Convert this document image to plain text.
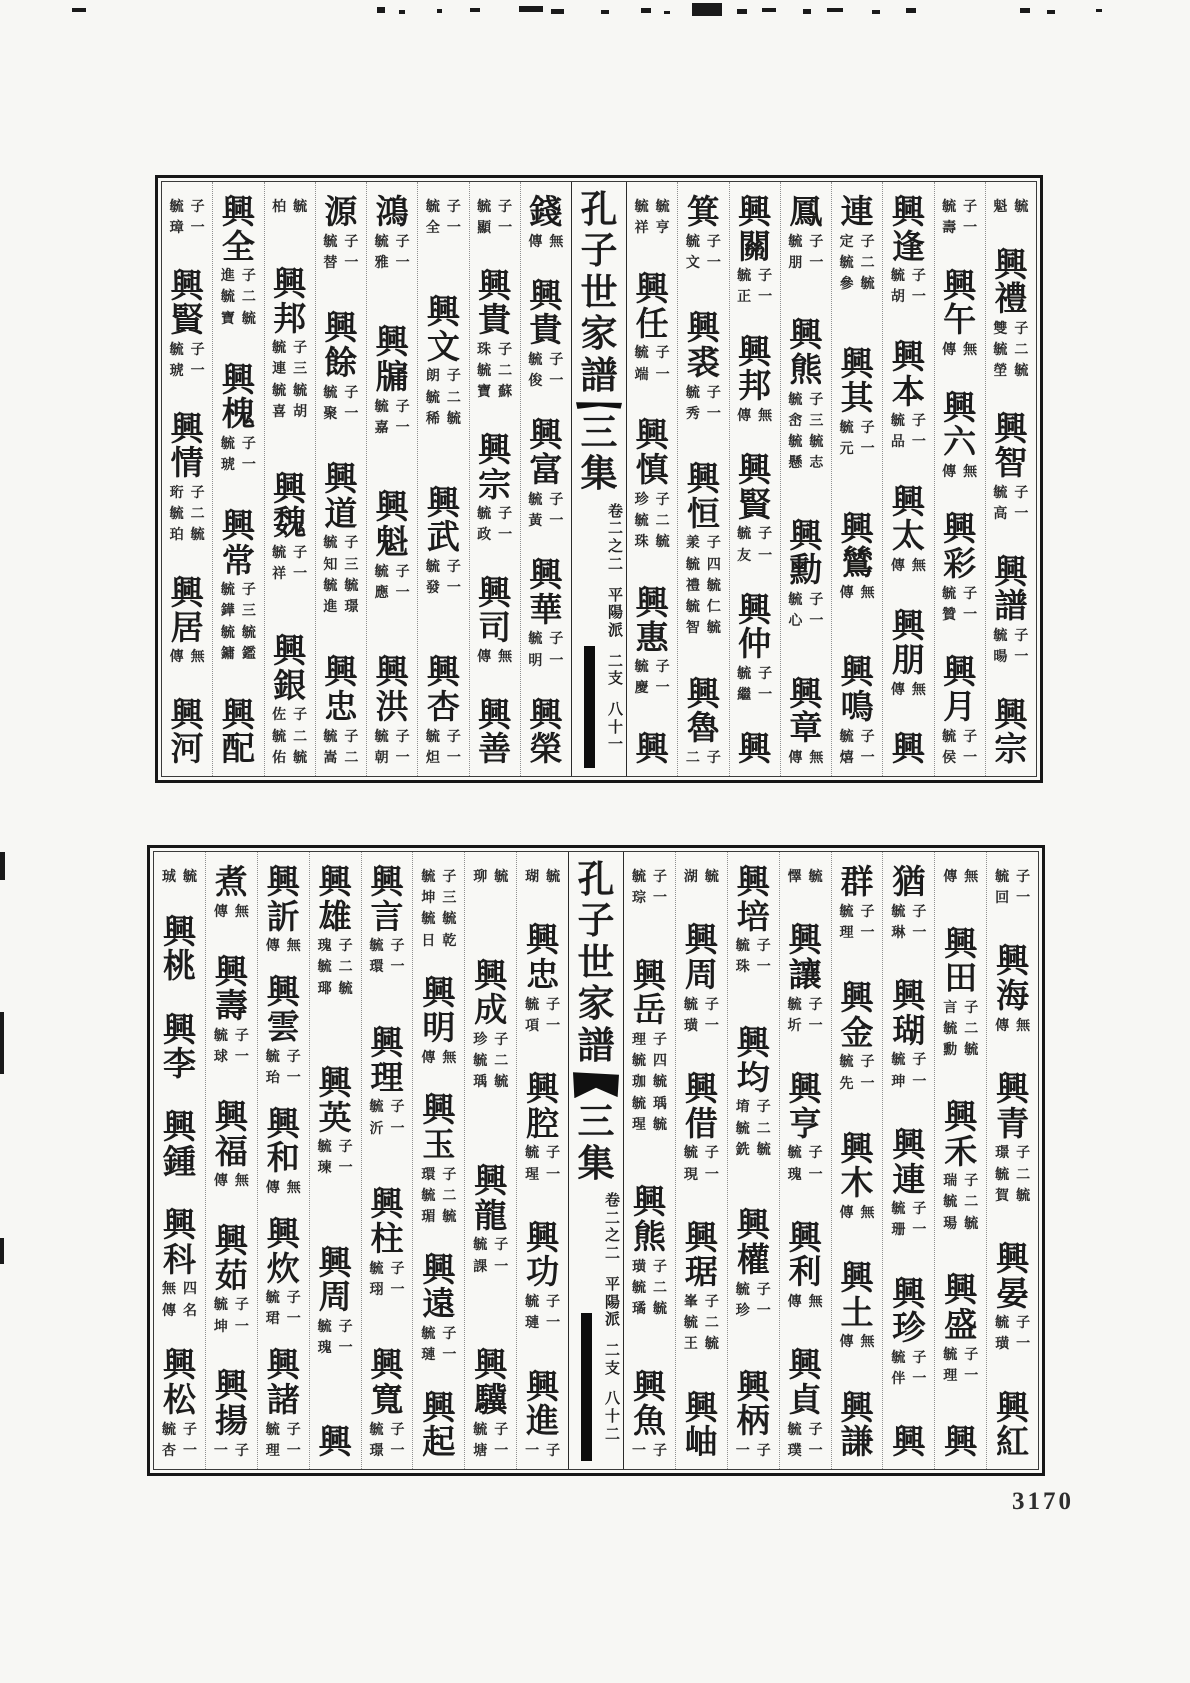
毓 子
璋 一
興
賢
毓 子
琥 一
興
情
珩 子
毓 二
珀 毓
興
居
傳 無
興
河
興
全
進 子
毓 二
寶 毓
興
槐
毓 子
琥 一
興
常
毓 子
鏵 三
毓 毓
鏞 鑑
興
配
柏 毓
興
邦
毓 子
連 三
毓 毓
喜 胡
興
魏
毓 子
祥 一
興
銀
佐 子
毓 二
佑 毓
源
毓 子
替 一
興
餘
毓 子
聚 一
興
道
毓 子
知 三
毓 毓
進 璟
興
忠
毓 子
嵩 二
鴻
毓 子
雅 一
興
牖
毓 子
嘉 一
興
魁
毓 子
應 一
興
洪
毓 子
朝 一
毓 子
全 一
興
文
朗 子
毓 二
稀 毓
興
武
毓 子
發 一
興
杏
毓 子
炟 一
毓 子
顯 一
興
貴
珠 子
毓 二
寶 蘇
興
宗
毓 子
政 一
興
司
傳 無
興
善
錢
傳 無
興
貴
毓 子
俊 一
興
富
毓 子
黃 一
興
華
毓 子
明 一
興
榮
孔子世家譜
三集
卷二之二
平陽派
二支
八十一
毓 毓
祥 亨
興
任
毓 子
端 一
興
慎
珍 子
毓 二
珠 毓
興
惠
毓 子
慶 一
興
箕
毓 子
文 一
興
裘
毓 子
秀 一
興
恒
羕 子
毓 四
禮 毓
毓 仁
智 毓
興
魯
二 子
興
關
毓 子
正 一
興
邦
傳 無
興
賢
毓 子
友 一
興
仲
毓 子
繼 一
興
鳳
毓 子
朋 一
興
熊
毓 子
峹 三
毓 毓
懸 志
興
勳
毓 子
心 一
興
章
傳 無
連
定 子
毓 二
參 毓
興
其
毓 子
元 一
興
鷥
傳 無
興
鳴
毓 子
熺 一
興
逢
毓 子
胡 一
興
本
毓 子
品 一
興
太
傳 無
興
朋
傳 無
興
毓 子
壽 一
興
午
傳 無
興
六
傳 無
興
彩
毓 子
贊 一
興
月
毓 子
侯 一
魁 毓
興
禮
雙 子
毓 二
塋 毓
興
智
毓 子
高 一
興
譜
毓 子
暘 一
興
宗
珹 毓
興
桃
興
李
興
鍾
興
科
無 四
傳 名
興
松
毓 子
杏 一
煮
傳 無
興
壽
毓 子
球 一
興
福
傳 無
興
茹
毓 子
坤 一
興
揚
一 子
興
訢
傳 無
興
雲
毓 子
珆 一
興
和
傳 無
興
炊
毓 子
珺 一
興
諸
毓 子
理 一
興
雄
瑰 子
毓 二
瑘 毓
興
英
毓 子
瑓 一
興
周
毓 子
瑰 一
興
興
言
毓 子
環 一
興
理
毓 子
沂 一
興
柱
毓 子
珝 一
興
寬
毓 子
璟 一
毓 子
坤 三
毓 毓
日 乾
興
明
傳 無
興
玉
環 子
毓 二
瑂 毓
興
遠
毓 子
璉 一
興
起
珋 毓
興
成
珍 子
毓 二
瑀 毓
興
龍
毓 子
課 一
興
驥
毓 子
塘 一
瑚 毓
興
忠
毓 子
項 一
興
腔
毓 子
瑆 一
興
功
毓 子
璉 一
興
進
一 子
孔子世家譜
三集
卷二之二
平陽派
二支
八十二
毓 子
琮 一
興
岳
理 子
毓 四
珈 毓
毓 瑀
瑆 毓
興
熊
璜 子
毓 二
璚 毓
興
魚
一 子
湖 毓
興
周
毓 子
璜 一
興
借
毓 子
現 一
興
琚
峯 子
毓 二
王 毓
興
岫
興
培
毓 子
珠 一
興
均
堉 子
毓 二
銑 毓
興
權
毓 子
珍 一
興
柄
一 子
懌 毓
興
讓
毓 子
圻 一
興
亨
毓 子
瑰 一
興
利
傳 無
興
貞
毓 子
璞 一
群
毓 子
理 一
興
金
毓 子
先 一
興
木
傳 無
興
土
傳 無
興
謙
猶
毓 子
琳 一
興
瑚
毓 子
珅 一
興
連
毓 子
珊 一
興
珍
毓 子
伴 一
興
傳 無
興
田
言 子
毓 二
勳 毓
興
禾
瑞 子
毓 二
瑒 毓
興
盛
毓 子
理 一
興
毓 子
回 一
興
海
傳 無
興
青
璟 子
毓 二
賀 毓
興
晏
毓 子
璜 一
興
紅
3170
